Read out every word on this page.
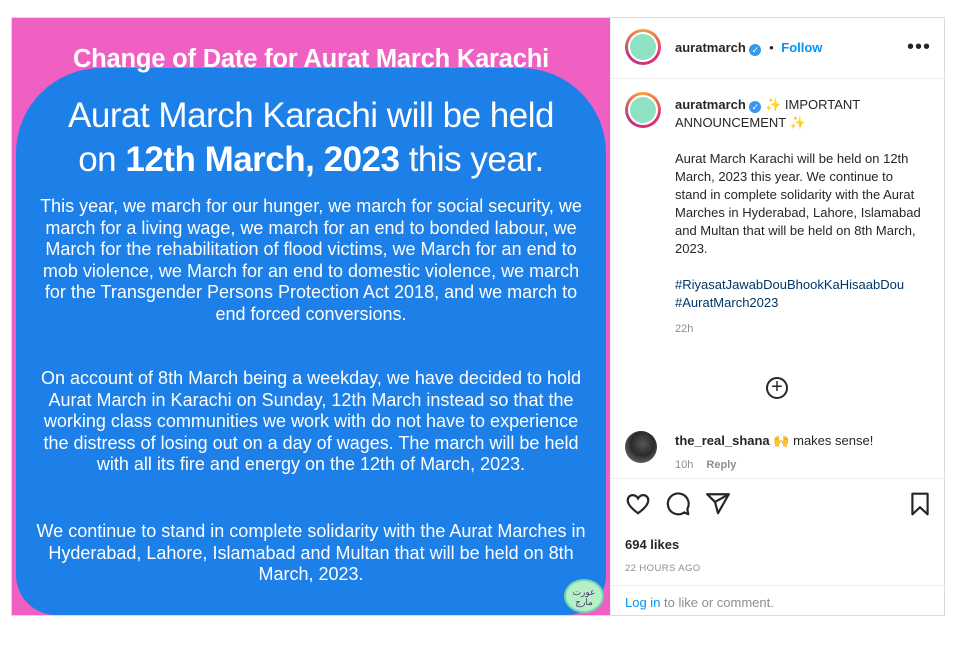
Change of Date for Aurat March Karachi
Aurat March Karachi will be held
on 12th March, 2023 this year.
This year, we march for our hunger, we march for social security, we march for a living wage, we march for an end to bonded labour, we March for the rehabilitation of flood victims, we March for an end to mob violence, we March for an end to domestic violence, we march for the Transgender Persons Protection Act 2018, and we march to end forced conversions.
On account of 8th March being a weekday, we have decided to hold Aurat March in Karachi on Sunday, 12th March instead so that the working class communities we work with do not have to experience the distress of losing out on a day of wages. The march will be held with all its fire and energy on the 12th of March, 2023.
We continue to stand in complete solidarity with the Aurat Marches in Hyderabad, Lahore, Islamabad and Multan that will be held on 8th March, 2023.
عورت مارچ
auratmarch ✓ • Follow	•••
auratmarch ✓ ✨ IMPORTANT ANNOUNCEMENT ✨
Aurat March Karachi will be held on 12th March, 2023 this year. We continue to stand in complete solidarity with the Aurat Marches in Hyderabad, Lahore, Islamabad and Multan that will be held on 8th March, 2023.
#RiyasatJawabDouBhookKaHisaabDou
#AuratMarch2023
22h
+
the_real_shana 🙌 makes sense!
10h Reply
694 likes
22 HOURS AGO
Log in to like or comment.
